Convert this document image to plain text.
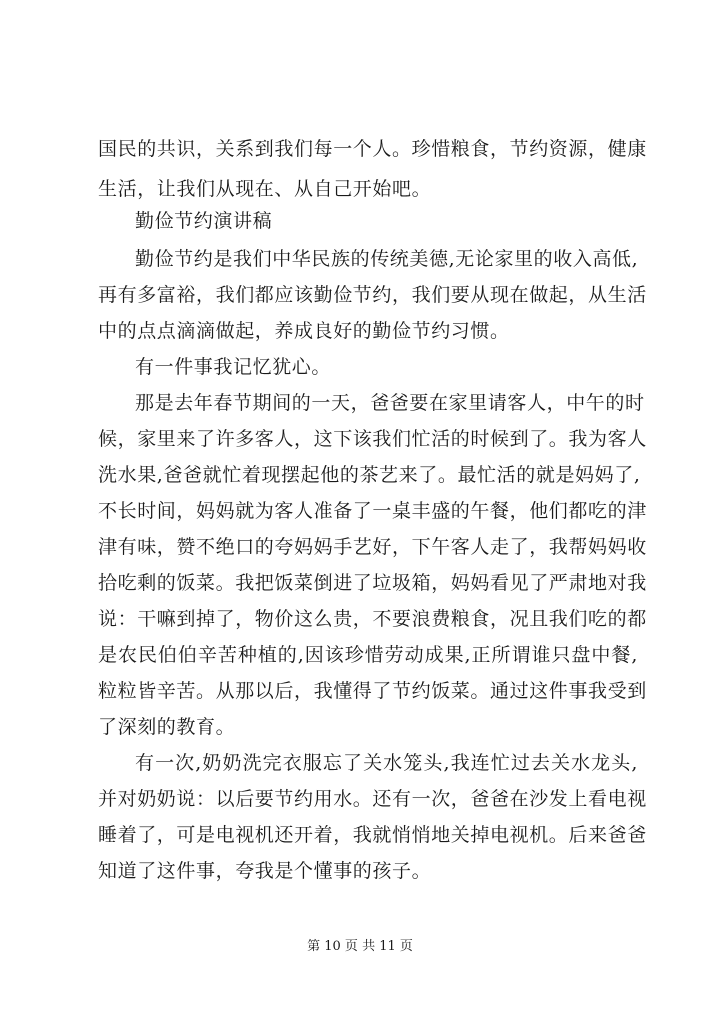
国民的共识，关系到我们每一个人。珍惜粮食，节约资源，健康
生活，让我们从现在、从自己开始吧。
勤俭节约演讲稿
勤俭节约是我们中华民族的传统美德,无论家里的收入高低,
再有多富裕，我们都应该勤俭节约，我们要从现在做起，从生活
中的点点滴滴做起，养成良好的勤俭节约习惯。
有一件事我记忆犹心。
那是去年春节期间的一天，爸爸要在家里请客人，中午的时
候，家里来了许多客人，这下该我们忙活的时候到了。我为客人
洗水果,爸爸就忙着现摆起他的茶艺来了。最忙活的就是妈妈了,
不长时间，妈妈就为客人准备了一桌丰盛的午餐，他们都吃的津
津有味，赞不绝口的夸妈妈手艺好，下午客人走了，我帮妈妈收
拾吃剩的饭菜。我把饭菜倒进了垃圾箱，妈妈看见了严肃地对我
说：干嘛到掉了，物价这么贵，不要浪费粮食，况且我们吃的都
是农民伯伯辛苦种植的,因该珍惜劳动成果,正所谓谁只盘中餐,
粒粒皆辛苦。从那以后，我懂得了节约饭菜。通过这件事我受到
了深刻的教育。
有一次,奶奶洗完衣服忘了关水笼头,我连忙过去关水龙头,
并对奶奶说：以后要节约用水。还有一次，爸爸在沙发上看电视
睡着了，可是电视机还开着，我就悄悄地关掉电视机。后来爸爸
知道了这件事，夸我是个懂事的孩子。
第 10 页 共 11 页
